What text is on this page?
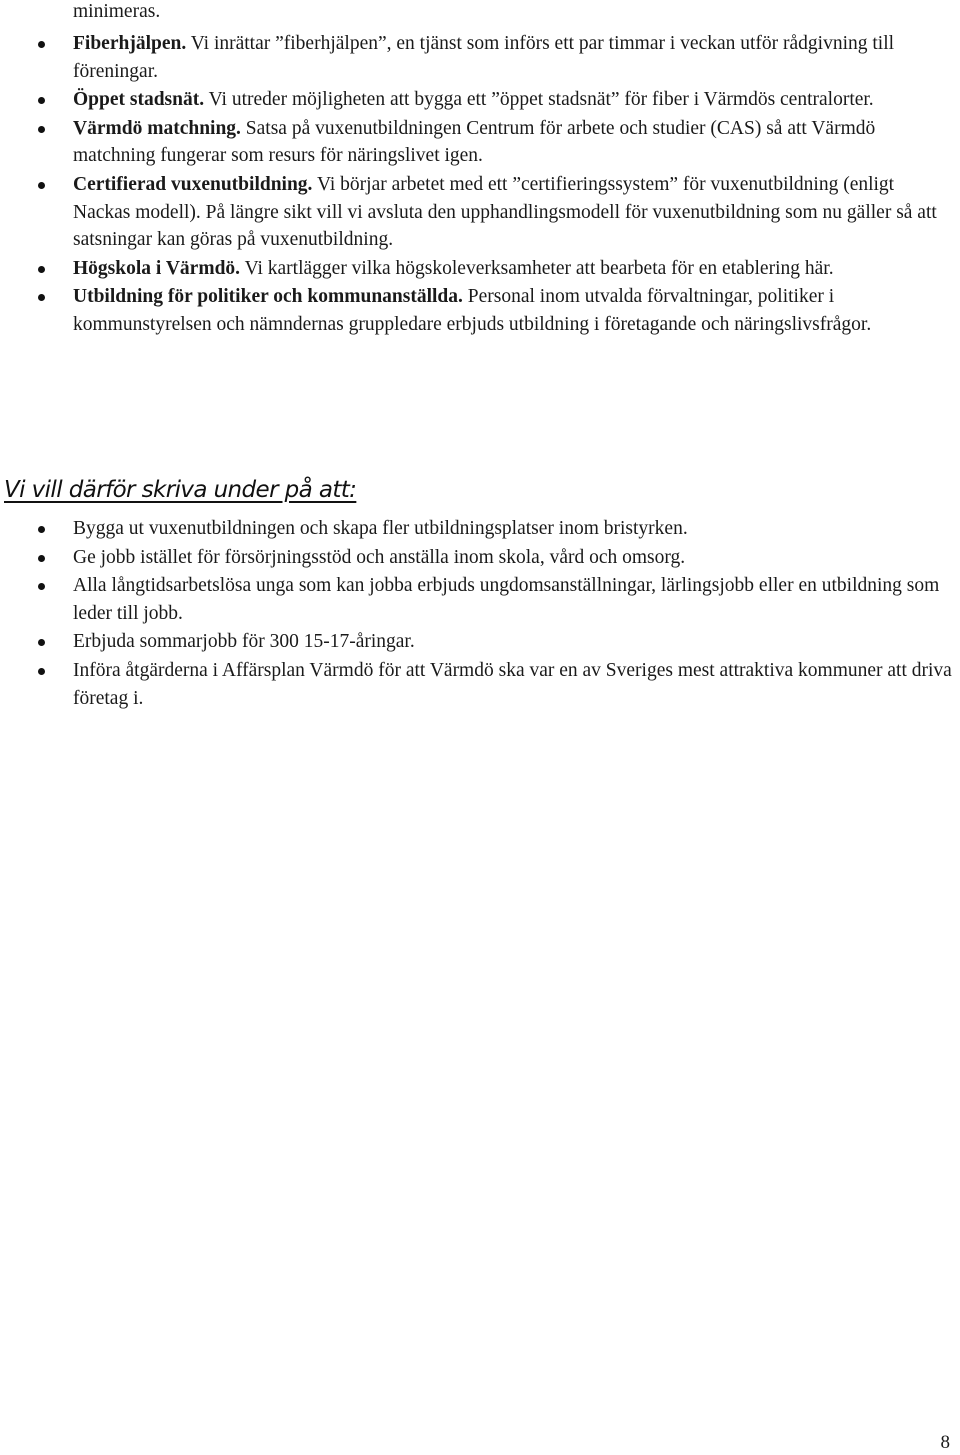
minimeras.
Fiberhjälpen. Vi inrättar ”fiberhjälpen”, en tjänst som införs ett par timmar i veckan utför rådgivning till föreningar.
Öppet stadsnät. Vi utreder möjligheten att bygga ett ”öppet stadsnät” för fiber i Värmdös centralorter.
Värmdö matchning. Satsa på vuxenutbildningen Centrum för arbete och studier (CAS) så att Värmdö matchning fungerar som resurs för näringslivet igen.
Certifierad vuxenutbildning. Vi börjar arbetet med ett ”certifieringssystem” för vuxenutbildning (enligt Nackas modell). På längre sikt vill vi avsluta den upphandlingsmodell för vuxenutbildning som nu gäller så att satsningar kan göras på vuxenutbildning.
Högskola i Värmdö. Vi kartlägger vilka högskoleverksamheter att bearbeta för en etablering här.
Utbildning för politiker och kommunanställda. Personal inom utvalda förvaltningar, politiker i kommunstyrelsen och nämndernas gruppledare erbjuds utbildning i företagande och näringslivsfrågor.
Vi vill därför skriva under på att:
Bygga ut vuxenutbildningen och skapa fler utbildningsplatser inom bristyrken.
Ge jobb istället för försörjningsstöd och anställa inom skola, vård och omsorg.
Alla långtidsarbetslösa unga som kan jobba erbjuds ungdomsanställningar, lärlingsjobb eller en utbildning som leder till jobb.
Erbjuda sommarjobb för 300 15-17-åringar.
Införa åtgärderna i Affärsplan Värmdö för att Värmdö ska var en av Sveriges mest attraktiva kommuner att driva företag i.
8
